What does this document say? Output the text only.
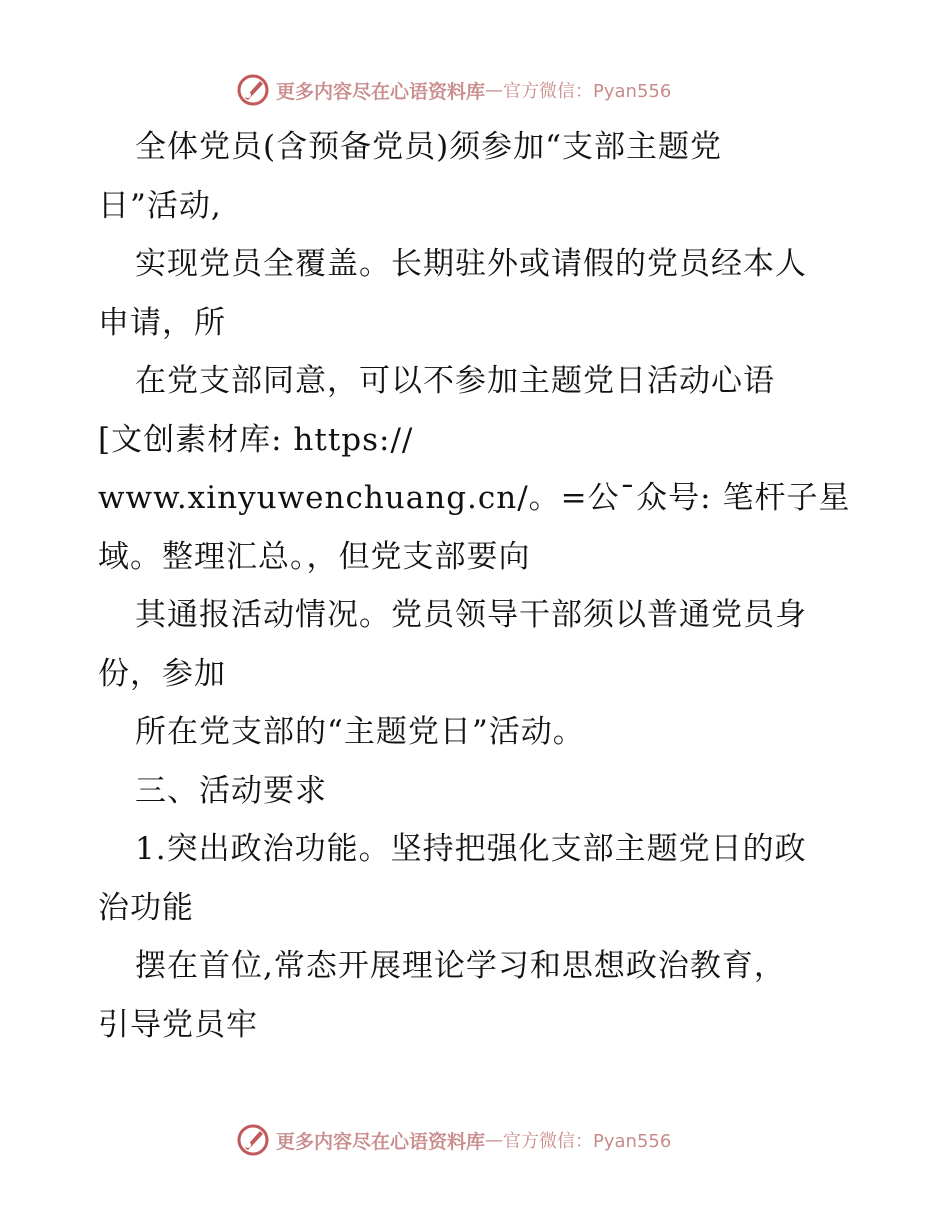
更多内容尽在心语资料库 — 官方微信：Pyan556
全体党员(含预备党员)须参加“支部主题党
日”活动,
实现党员全覆盖。长期驻外或请假的党员经本人
申请，所
在党支部同意，可以不参加主题党日活动心语
[文创素材库: https://
www.xinyuwenchuang.cn/。=公¯众号: 笔杆子星
域。整理汇总。，但党支部要向
其通报活动情况。党员领导干部须以普通党员身
份，参加
所在党支部的“主题党日”活动。
三、活动要求
1.突出政治功能。坚持把强化支部主题党日的政
治功能
摆在首位,常态开展理论学习和思想政治教育，
引导党员牢
更多内容尽在心语资料库 — 官方微信：Pyan556
